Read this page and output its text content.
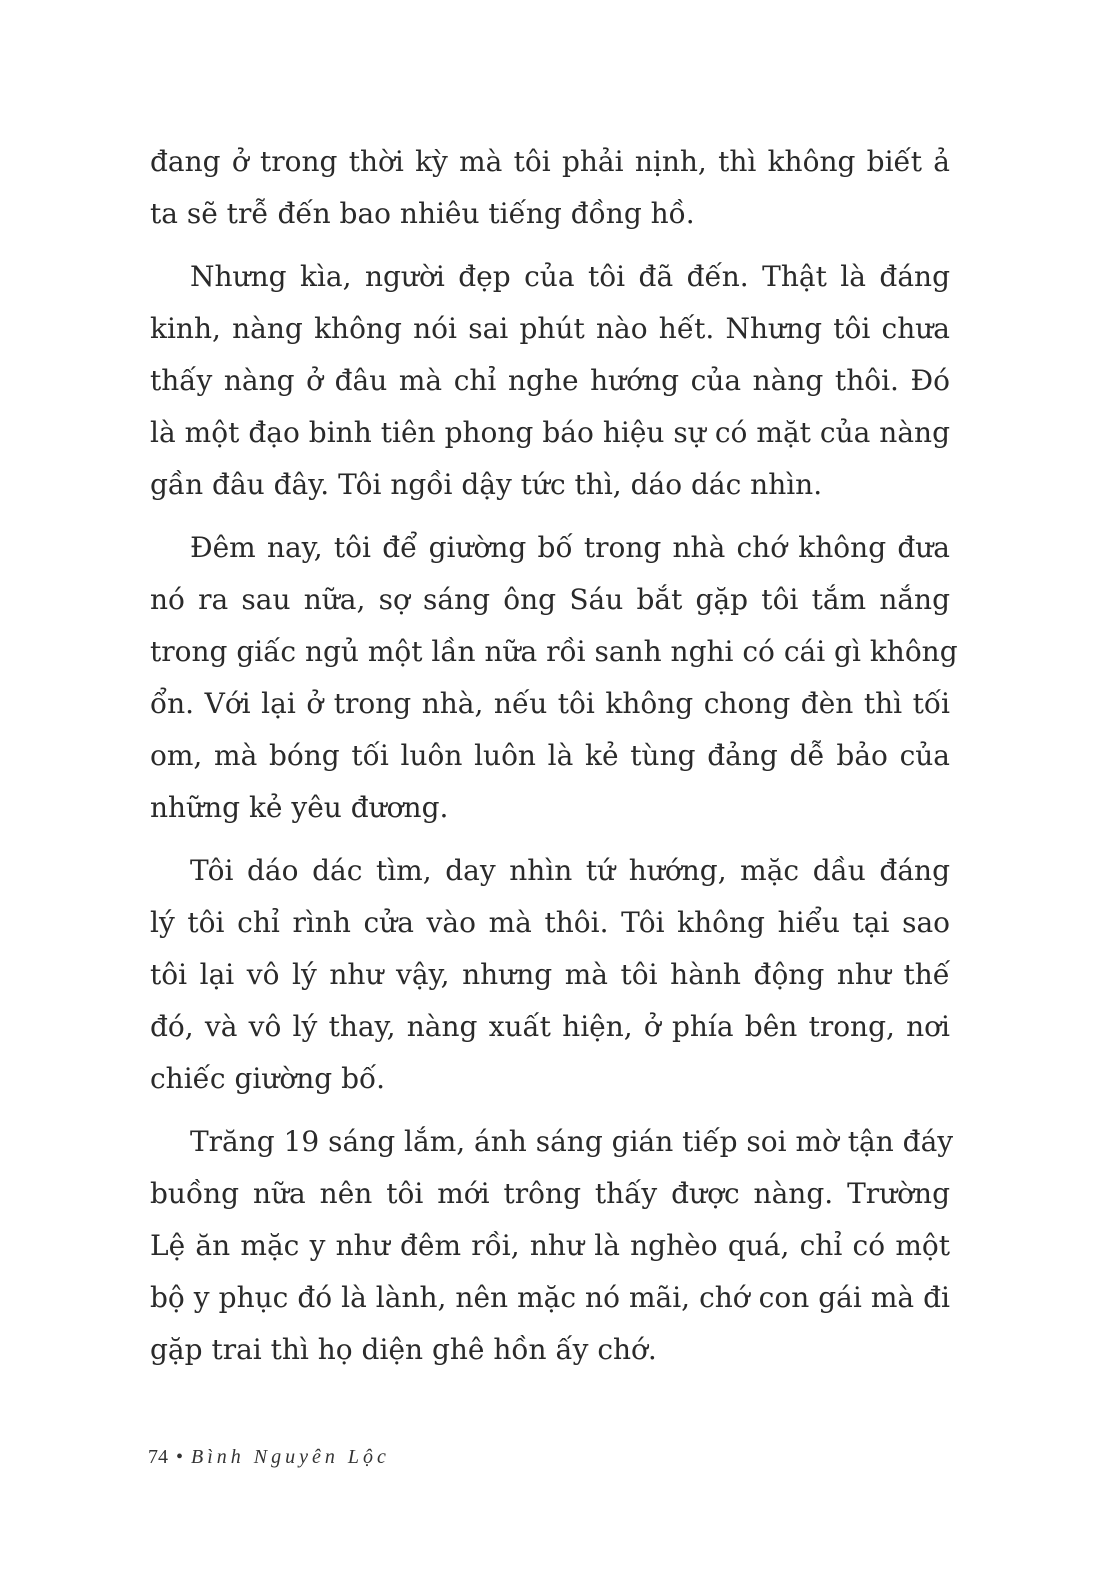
đang ở trong thời kỳ mà tôi phải nịnh, thì không biết ả
ta sẽ trễ đến bao nhiêu tiếng đồng hồ.
Nhưng kìa, người đẹp của tôi đã đến. Thật là đáng
kinh, nàng không nói sai phút nào hết. Nhưng tôi chưa
thấy nàng ở đâu mà chỉ nghe hướng của nàng thôi. Đó
là một đạo binh tiên phong báo hiệu sự có mặt của nàng
gần đâu đây. Tôi ngồi dậy tức thì, dáo dác nhìn.
Đêm nay, tôi để giường bố trong nhà chớ không đưa
nó ra sau nữa, sợ sáng ông Sáu bắt gặp tôi tắm nắng
trong giấc ngủ một lần nữa rồi sanh nghi có cái gì không
ổn. Với lại ở trong nhà, nếu tôi không chong đèn thì tối
om, mà bóng tối luôn luôn là kẻ tùng đảng dễ bảo của
những kẻ yêu đương.
Tôi dáo dác tìm, day nhìn tứ hướng, mặc dầu đáng
lý tôi chỉ rình cửa vào mà thôi. Tôi không hiểu tại sao
tôi lại vô lý như vậy, nhưng mà tôi hành động như thế
đó, và vô lý thay, nàng xuất hiện, ở phía bên trong, nơi
chiếc giường bố.
Trăng 19 sáng lắm, ánh sáng gián tiếp soi mờ tận đáy
buồng nữa nên tôi mới trông thấy được nàng. Trường
Lệ ăn mặc y như đêm rồi, như là nghèo quá, chỉ có một
bộ y phục đó là lành, nên mặc nó mãi, chớ con gái mà đi
gặp trai thì họ diện ghê hồn ấy chớ.
74 • Bình Nguyên Lộc
